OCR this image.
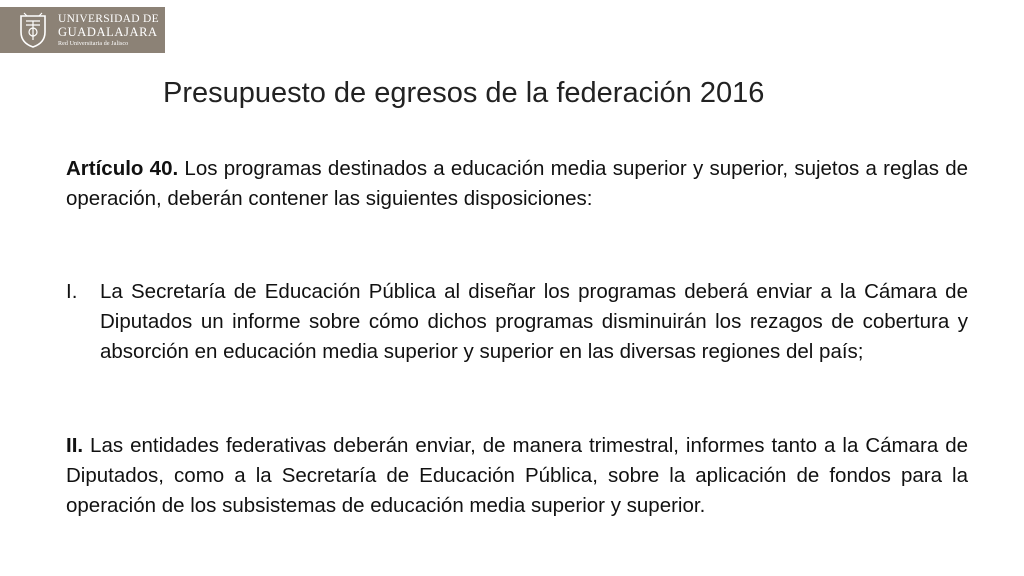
UNIVERSIDAD DE
GUADALAJARA
Red Universitaria de Jalisco
Presupuesto de egresos de la federación 2016
Artículo 40. Los programas destinados a educación media superior y superior, sujetos a reglas de operación, deberán contener las siguientes disposiciones:
I.	La Secretaría de Educación Pública al diseñar los programas deberá enviar a la Cámara de Diputados un informe sobre cómo dichos programas disminuirán los rezagos de cobertura y absorción en educación media superior y superior en las diversas regiones del país;
II. Las entidades federativas deberán enviar, de manera trimestral, informes tanto a la Cámara de Diputados, como a la Secretaría de Educación Pública, sobre la aplicación de fondos para la operación de los subsistemas de educación media superior y superior.
